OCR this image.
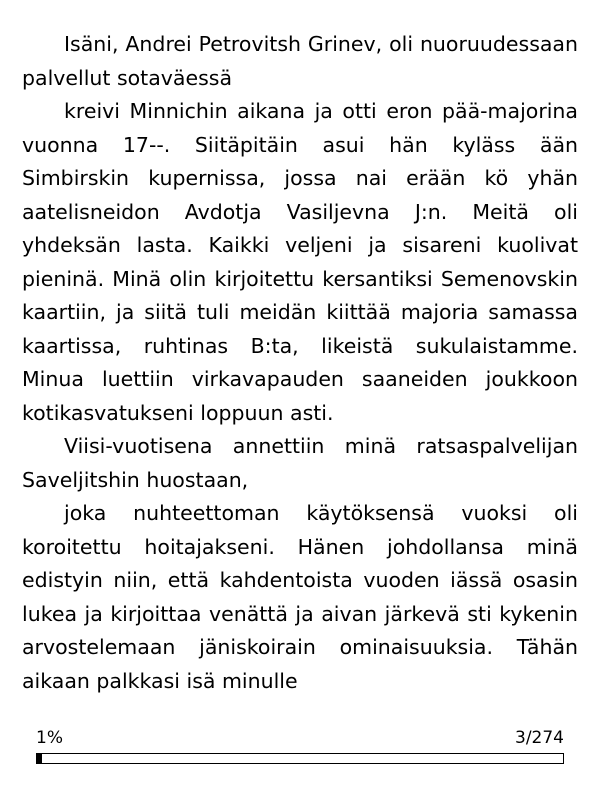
Isäni, Andrei Petrovitsh Grinev, oli nuoruudessaan palvellut sotaväessä

kreivi Minnichin aikana ja otti eron pää-majorina vuonna 17--. Siitäpitäin asui hän kyläss ään Simbirskin kupernissa, jossa nai erään kö yhän aatelisneidon Avdotja Vasiljevna J:n. Meitä oli yhdeksän lasta. Kaikki veljeni ja sisareni kuolivat pieninä. Minä olin kirjoitettu kersantiksi Semenovskin kaartiin, ja siitä tuli meidän kiittää majoria samassa kaartissa, ruhtinas B:ta, likeistä sukulaistamme. Minua luettiin virkavapauden saaneiden joukkoon kotikasvatukseni loppuun asti.

Viisi-vuotisena annettiin minä ratsaspalvelijan Saveljitshin huostaan,

joka nuhteettoman käytöksensä vuoksi oli koroitettu hoitajakseni. Hänen johdollansa minä edistyin niin, että kahdentoista vuoden iässä osasin lukea ja kirjoittaa venättä ja aivan järkevä sti kykenin arvostelemaan jäniskoirain ominaisuuksia. Tähän aikaan palkkasi isä minulle

1%	3/274
